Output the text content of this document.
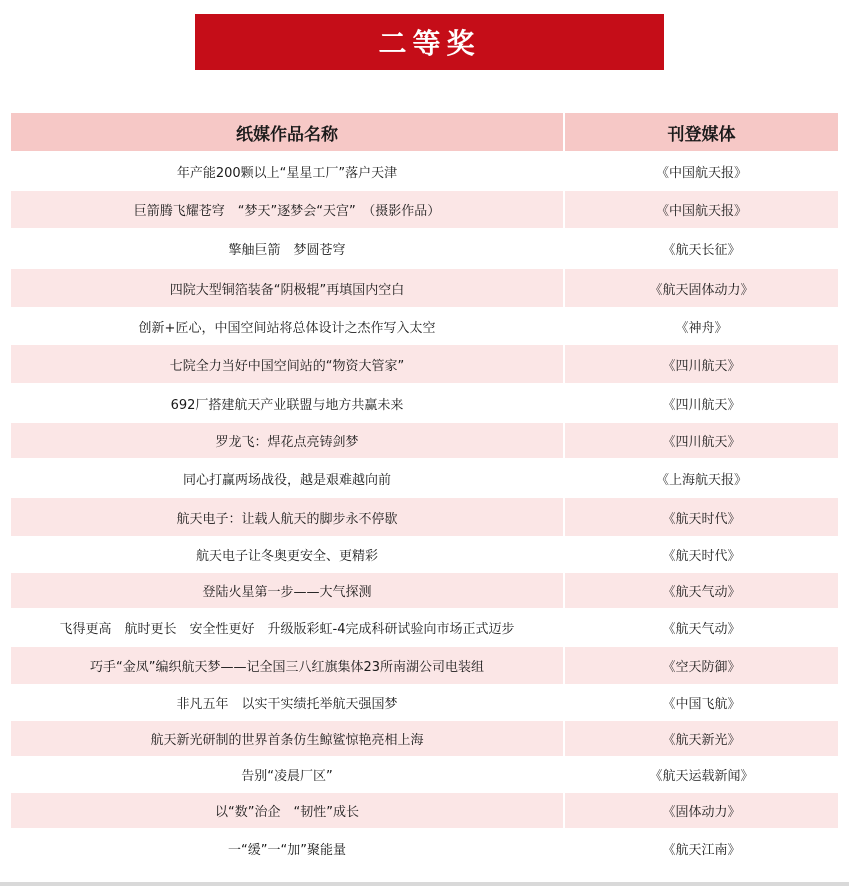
二等奖
纸媒作品名称	刊登媒体
年产能200颗以上“星星工厂”落户天津	《中国航天报》
巨箭腾飞耀苍穹　“梦天”逐梦会“天宫”　（摄影作品）	《中国航天报》
擎舳巨箭　梦圆苍穹	《航天长征》
四院大型铜箔装备“阴极辊”再填国内空白	《航天固体动力》
创新+匠心，中国空间站将总体设计之杰作写入太空	《神舟》
七院全力当好中国空间站的“物资大管家”	《四川航天》
692厂搭建航天产业联盟与地方共赢未来	《四川航天》
罗龙飞：焊花点亮铸剑梦	《四川航天》
同心打赢两场战役，越是艰难越向前	《上海航天报》
航天电子：让载人航天的脚步永不停歇	《航天时代》
航天电子让冬奥更安全、更精彩	《航天时代》
登陆火星第一步——大气探测	《航天气动》
飞得更高　航时更长　安全性更好　升级版彩虹-4完成科研试验向市场正式迈步	《航天气动》
巧手“金凤”编织航天梦——记全国三八红旗集体23所南湖公司电装组	《空天防御》
非凡五年　以实干实绩托举航天强国梦	《中国飞航》
航天新光研制的世界首条仿生鲸鲨惊艳亮相上海	《航天新光》
告别“凌晨厂区”	《航天运载新闻》
以“数”治企　“韧性”成长	《固体动力》
一“缓”一“加”聚能量	《航天江南》
